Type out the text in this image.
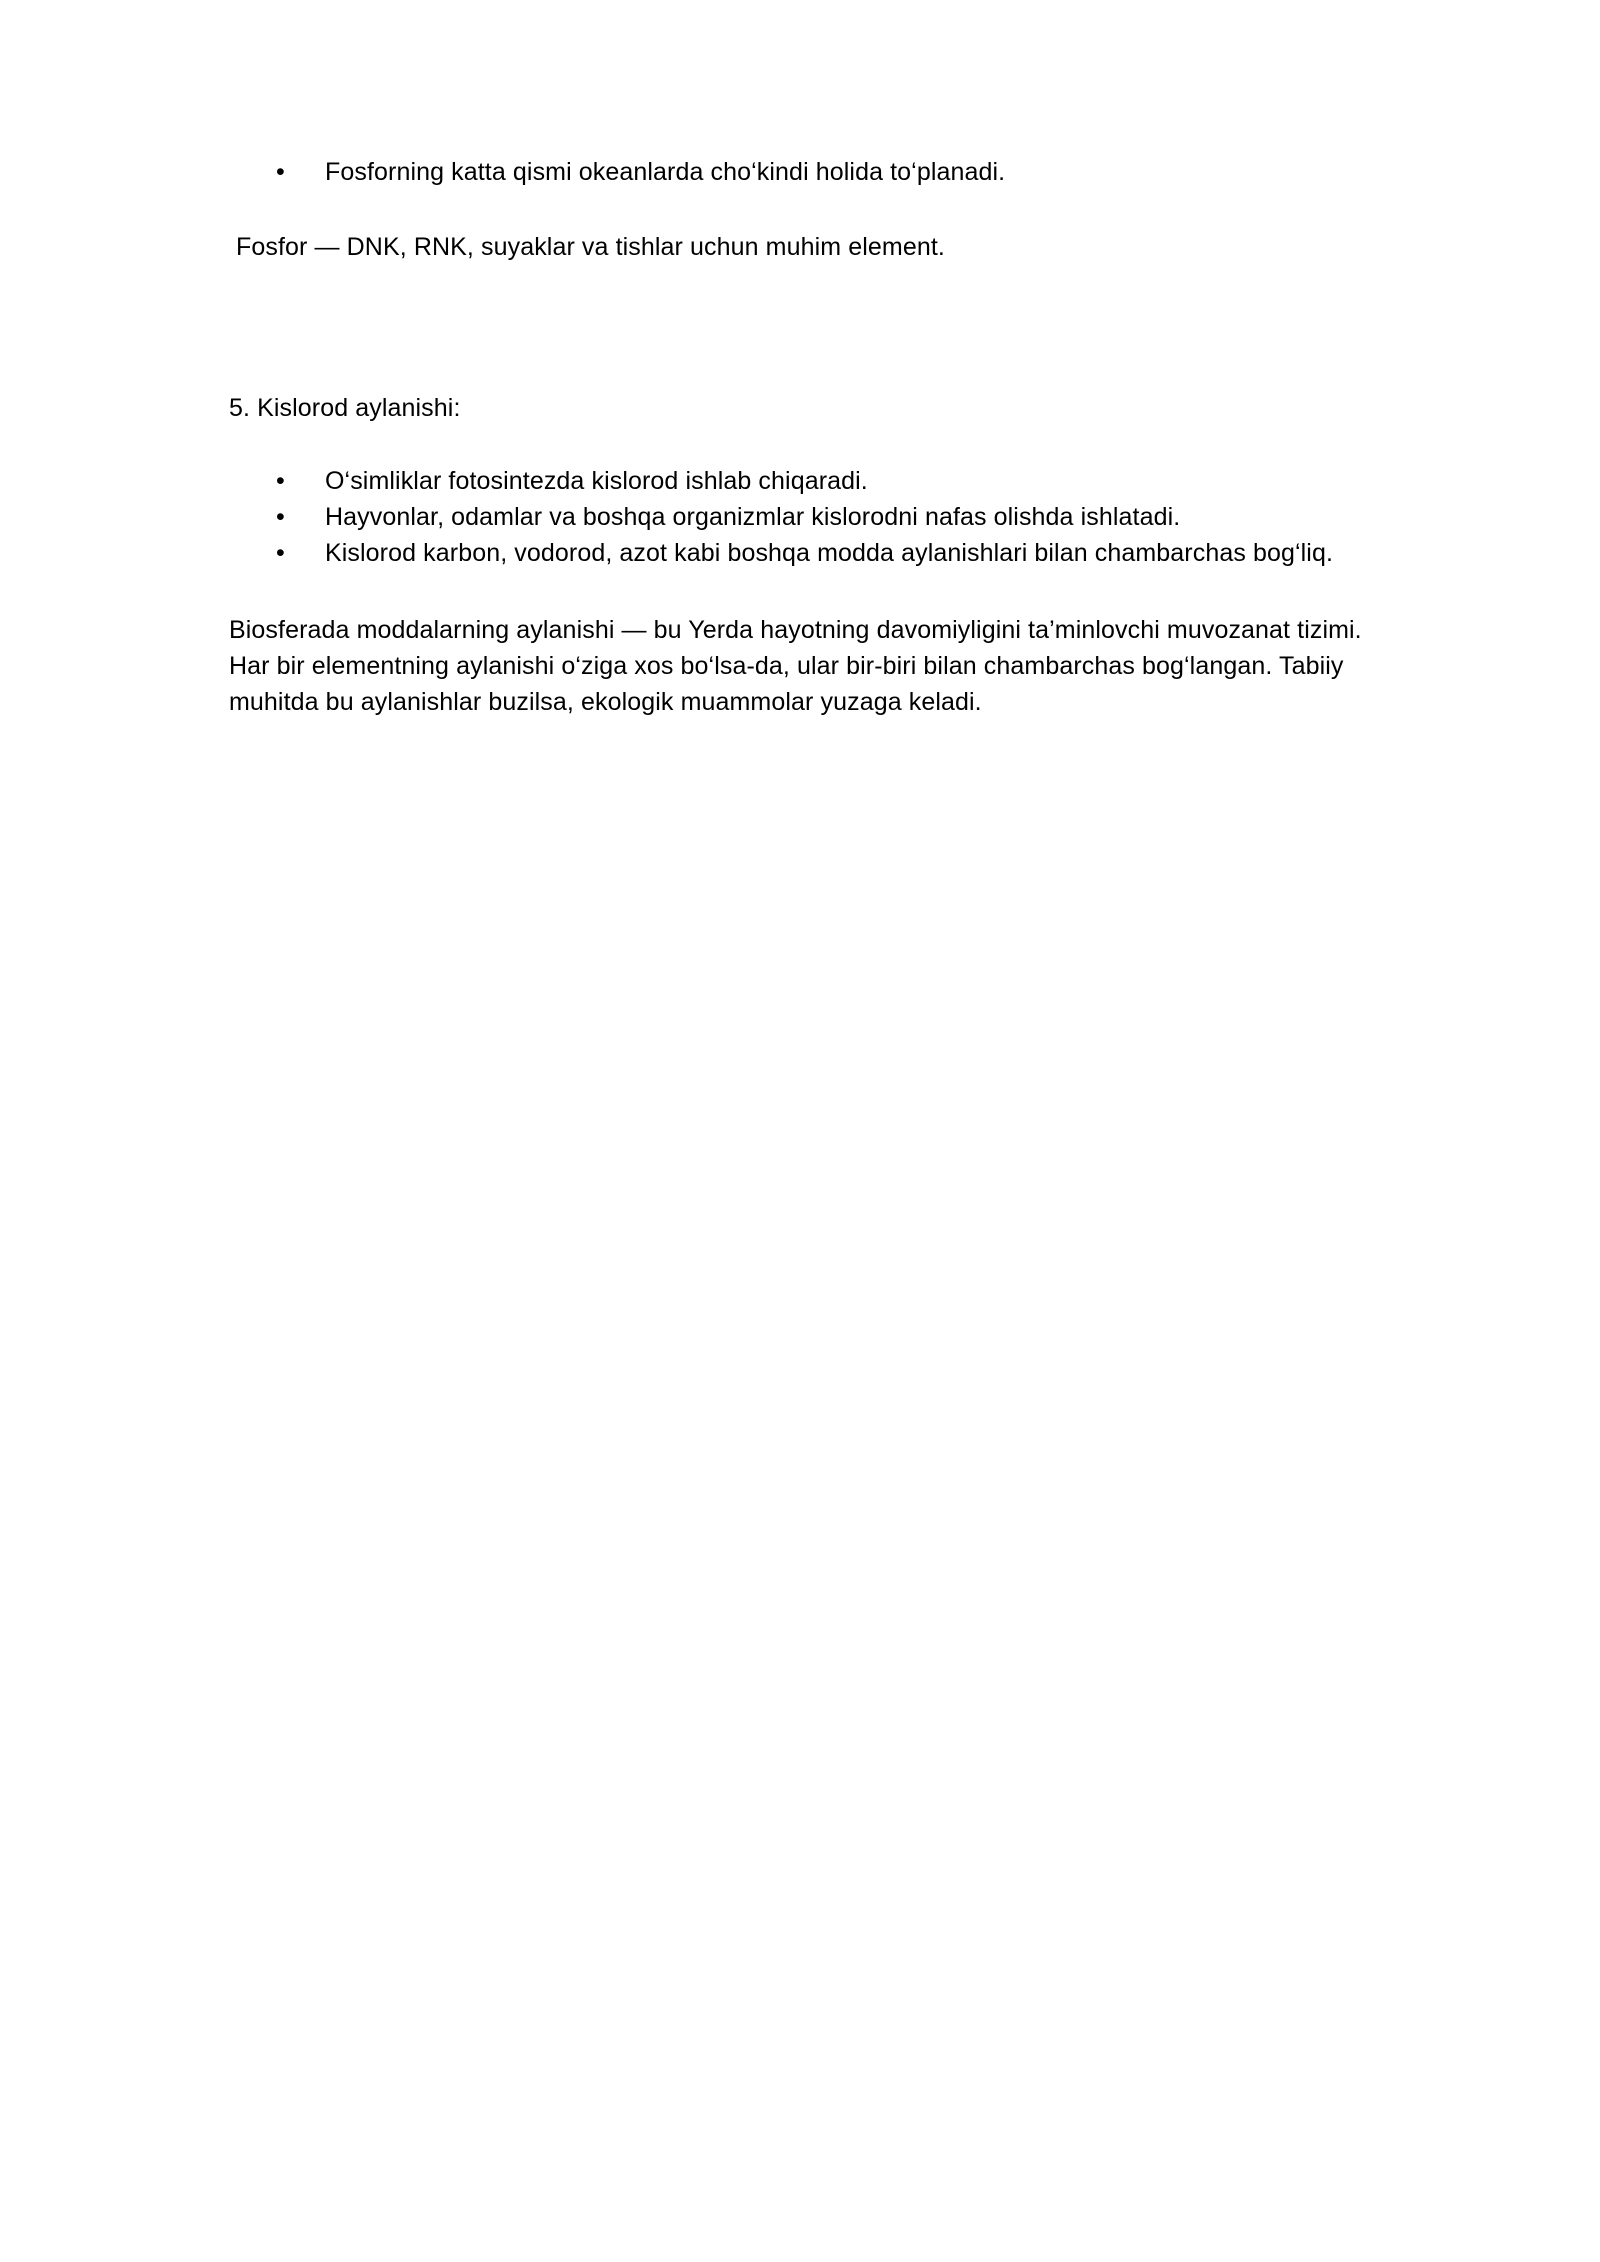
• Fosforning katta qismi okeanlarda cho‘kindi holida to‘planadi.

Fosfor — DNK, RNK, suyaklar va tishlar uchun muhim element.

5. Kislorod aylanishi:

• O‘simliklar fotosintezda kislorod ishlab chiqaradi.
• Hayvonlar, odamlar va boshqa organizmlar kislorodni nafas olishda ishlatadi.
• Kislorod karbon, vodorod, azot kabi boshqa modda aylanishlari bilan chambarchas bog‘liq.

Biosferada moddalarning aylanishi — bu Yerda hayotning davomiyligini ta’minlovchi muvozanat tizimi.
Har bir elementning aylanishi o‘ziga xos bo‘lsa-da, ular bir-biri bilan chambarchas bog‘langan. Tabiiy
muhitda bu aylanishlar buzilsa, ekologik muammolar yuzaga keladi.
